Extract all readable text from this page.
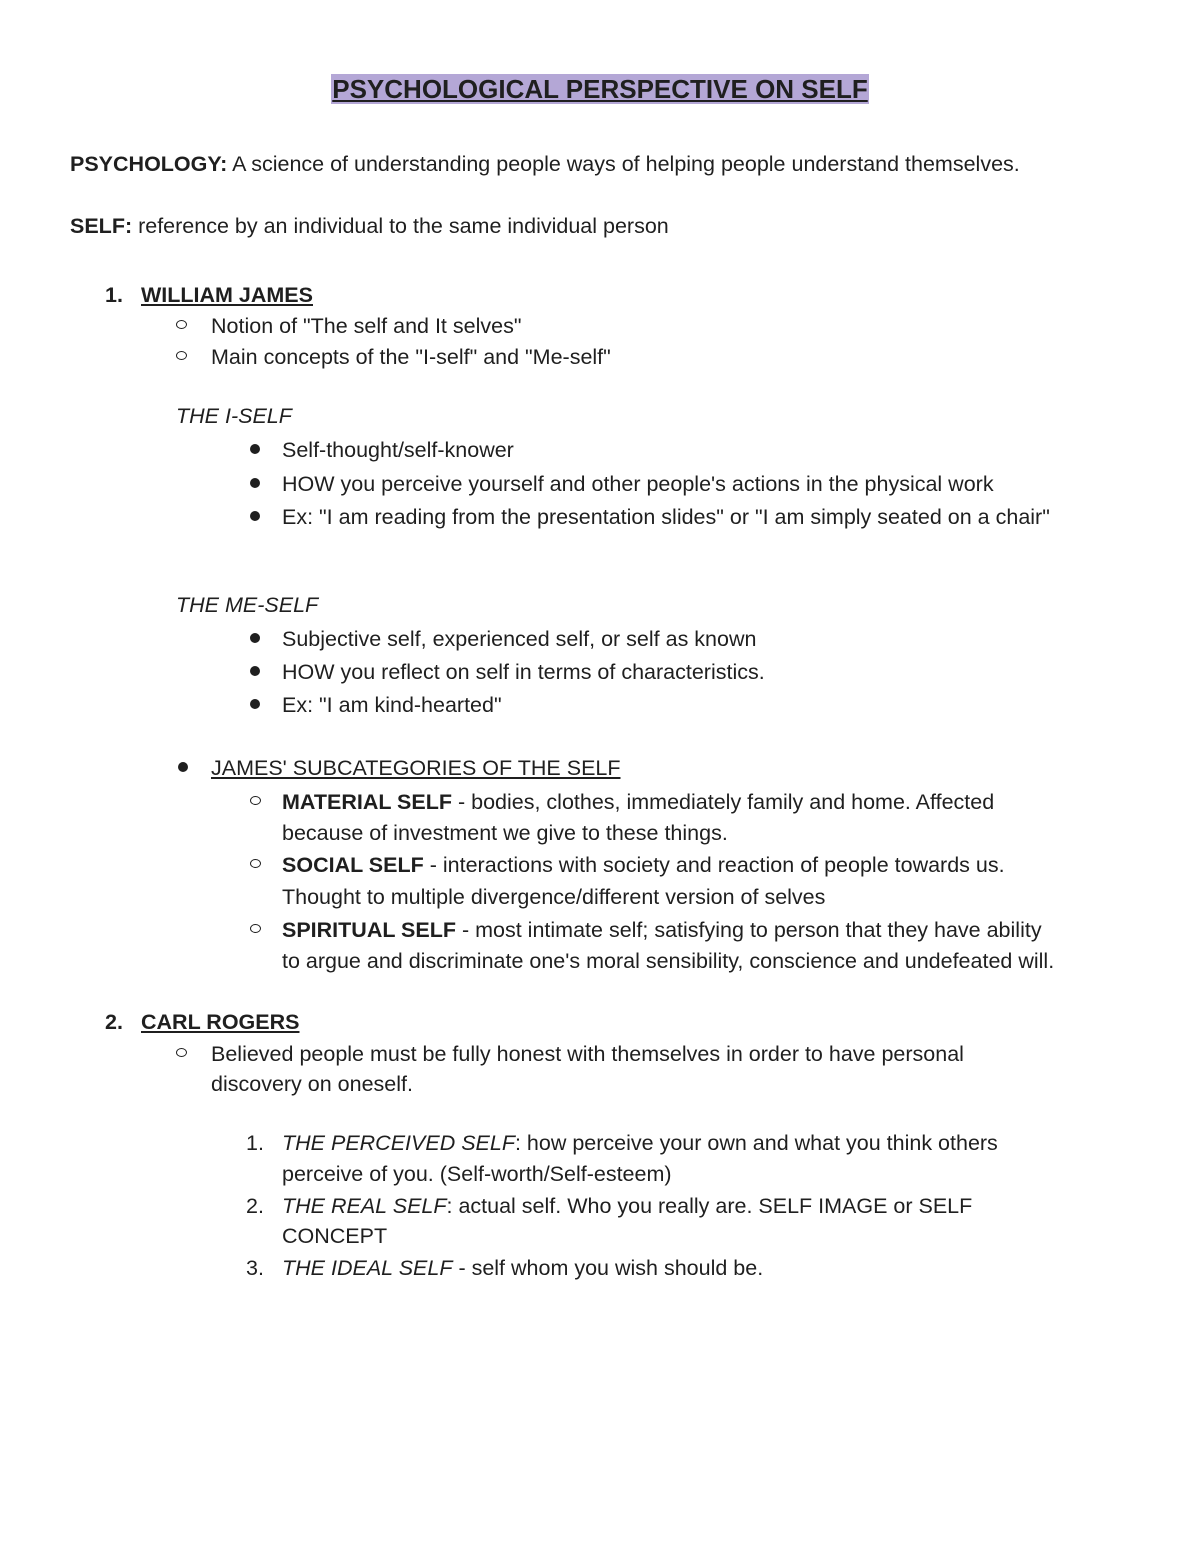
PSYCHOLOGICAL PERSPECTIVE ON SELF
PSYCHOLOGY: A science of understanding people ways of helping people understand themselves.
SELF: reference by an individual to the same individual person
1. WILLIAM JAMES
Notion of "The self and It selves"
Main concepts of the "I-self" and "Me-self"
THE I-SELF
Self-thought/self-knower
HOW you perceive yourself and other people's actions in the physical work
Ex: "I am reading from the presentation slides" or "I am simply seated on a chair"
THE ME-SELF
Subjective self, experienced self, or self as known
HOW you reflect on self in terms of characteristics.
Ex: "I am kind-hearted"
JAMES' SUBCATEGORIES OF THE SELF
MATERIAL SELF - bodies, clothes, immediately family and home. Affected
because of investment we give to these things.
SOCIAL SELF - interactions with society and reaction of people towards us.
Thought to multiple divergence/different version of selves
SPIRITUAL SELF - most intimate self; satisfying to person that they have ability
to argue and discriminate one's moral sensibility, conscience and undefeated will.
2. CARL ROGERS
Believed people must be fully honest with themselves in order to have personal
discovery on oneself.
1. THE PERCEIVED SELF: how perceive your own and what you think others
perceive of you. (Self-worth/Self-esteem)
2. THE REAL SELF: actual self. Who you really are. SELF IMAGE or SELF
CONCEPT
3. THE IDEAL SELF - self whom you wish should be.
